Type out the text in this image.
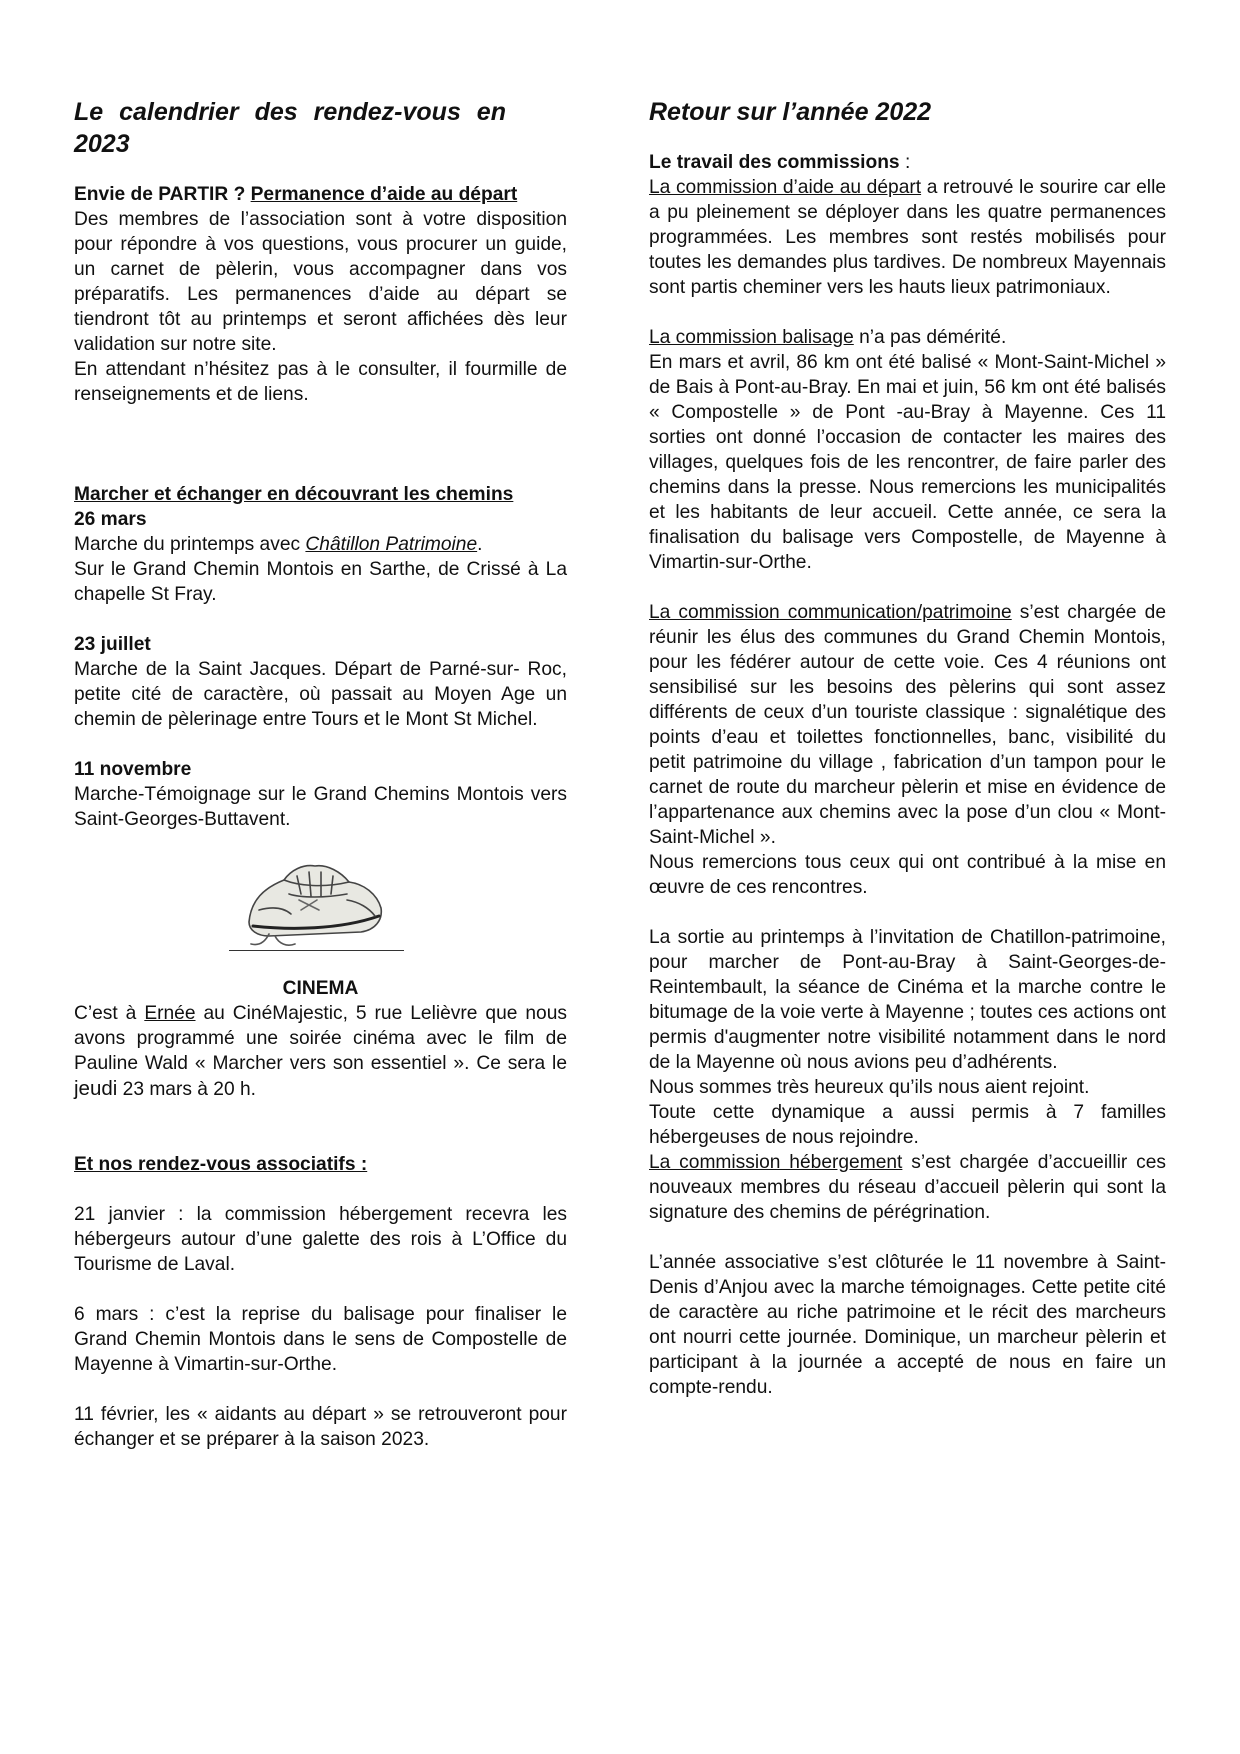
Le calendrier des rendez-vous en 2023

Envie de PARTIR ? Permanence d’aide au départ

Des membres de l’association sont à votre disposition pour répondre à vos questions, vous procurer un guide, un carnet de pèlerin, vous accompagner dans vos préparatifs. Les permanences d’aide au départ se tiendront tôt au printemps et seront affichées dès leur validation sur notre site.

En attendant n’hésitez pas à le consulter, il fourmille de renseignements et de liens.

Marcher et échanger en découvrant les chemins

26 mars

Marche du printemps avec Châtillon Patrimoine.

Sur le Grand Chemin Montois en Sarthe, de Crissé à La chapelle St Fray.

23 juillet

Marche de la Saint Jacques. Départ de Parné-sur- Roc, petite cité de caractère, où passait au Moyen Age un chemin de pèlerinage entre Tours et le Mont St Michel.

11 novembre

Marche-Témoignage sur le Grand Chemins Montois vers Saint-Georges-Buttavent.

CINEMA

C’est à Ernée au CinéMajestic, 5 rue Lelièvre que nous avons programmé une soirée cinéma avec le film de Pauline Wald « Marcher vers son essentiel ». Ce sera le jeudi 23 mars à 20 h.

Et nos rendez-vous associatifs :

21 janvier : la commission hébergement recevra les hébergeurs autour d’une galette des rois à L’Office du Tourisme de Laval.

6 mars : c’est la reprise du balisage pour finaliser le Grand Chemin Montois dans le sens de Compostelle de Mayenne à Vimartin-sur-Orthe.

11 février, les « aidants au départ » se retrouveront pour échanger et se préparer à la saison 2023.

Retour sur l’année 2022

Le travail des commissions :

La commission d’aide au départ a retrouvé le sourire car elle a pu pleinement se déployer dans les quatre permanences programmées. Les membres sont restés mobilisés pour toutes les demandes plus tardives. De nombreux Mayennais sont partis cheminer vers les hauts lieux patrimoniaux.

La commission balisage n’a pas démérité.

En mars et avril, 86 km ont été balisé « Mont-Saint-Michel » de Bais à Pont-au-Bray. En mai et juin, 56 km ont été balisés « Compostelle » de Pont -au-Bray à Mayenne. Ces 11 sorties ont donné l’occasion de contacter les maires des villages, quelques fois de les rencontrer, de faire parler des chemins dans la presse. Nous remercions les municipalités et les habitants de leur accueil. Cette année, ce sera la finalisation du balisage vers Compostelle, de Mayenne à Vimartin-sur-Orthe.

La commission communication/patrimoine s’est chargée de réunir les élus des communes du Grand Chemin Montois, pour les fédérer autour de cette voie. Ces 4 réunions ont sensibilisé sur les besoins des pèlerins qui sont assez différents de ceux d’un touriste classique : signalétique des points d’eau et toilettes fonctionnelles, banc, visibilité du petit patrimoine du village , fabrication d’un tampon pour le carnet de route du marcheur pèlerin et mise en évidence de l’appartenance aux chemins avec la pose d’un clou « Mont-Saint-Michel ».

Nous remercions tous ceux qui ont contribué à la mise en œuvre de ces rencontres.

La sortie au printemps à l’invitation de Chatillon-patrimoine, pour marcher de Pont-au-Bray à Saint-Georges-de-Reintembault, la séance de Cinéma et la marche contre le bitumage de la voie verte à Mayenne ; toutes ces actions ont permis d'augmenter notre visibilité notamment dans le nord de la Mayenne où nous avions peu d’adhérents.

Nous sommes très heureux qu’ils nous aient rejoint.

Toute cette dynamique a aussi permis à 7 familles hébergeuses de nous rejoindre.

La commission hébergement s’est chargée d’accueillir ces nouveaux membres du réseau d’accueil pèlerin qui sont la signature des chemins de pérégrination.

L’année associative s’est clôturée le 11 novembre à Saint-Denis d’Anjou avec la marche témoignages. Cette petite cité de caractère au riche patrimoine et le récit des marcheurs ont nourri cette journée. Dominique, un marcheur pèlerin et participant à la journée a accepté de nous en faire un compte-rendu.
